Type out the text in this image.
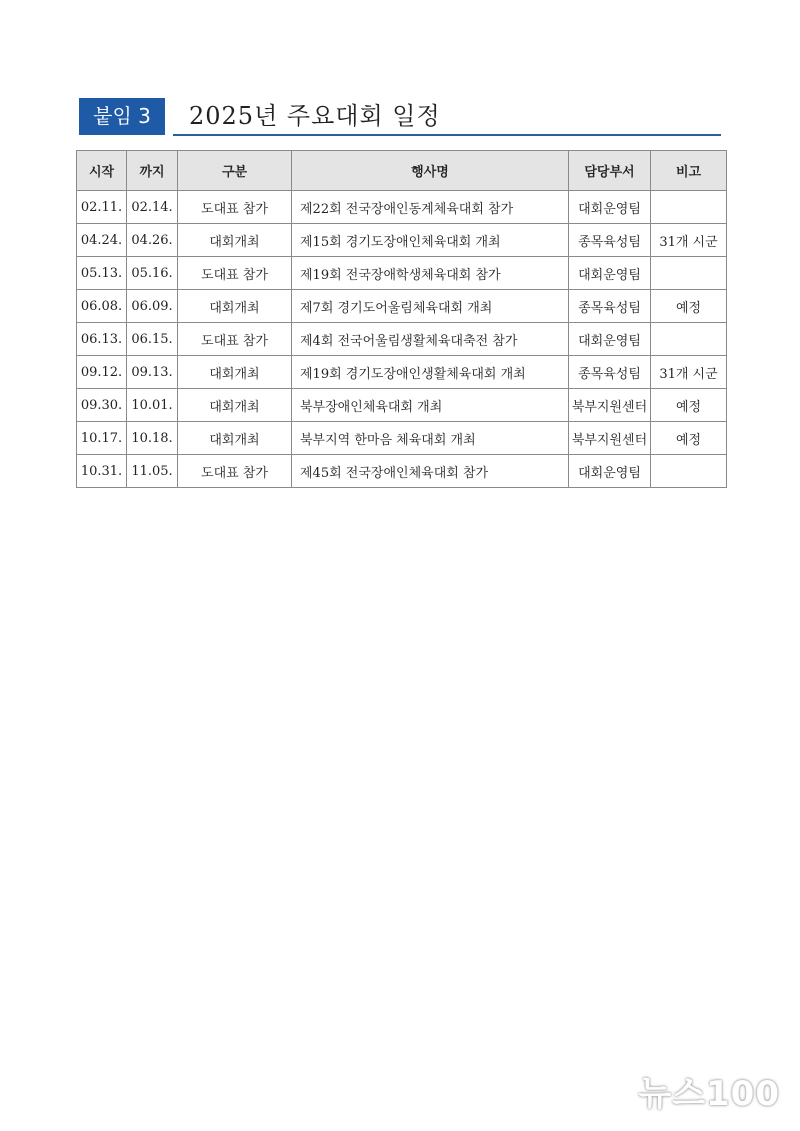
붙임 3	2025년 주요대회 일정
시작	까지	구분	행사명	담당부서	비고
02.11.	02.14.	도대표 참가	제22회 전국장애인동계체육대회 참가	대회운영팀	
04.24.	04.26.	대회개최	제15회 경기도장애인체육대회 개최	종목육성팀	31개 시군
05.13.	05.16.	도대표 참가	제19회 전국장애학생체육대회 참가	대회운영팀	
06.08.	06.09.	대회개최	제7회 경기도어울림체육대회 개최	종목육성팀	예정
06.13.	06.15.	도대표 참가	제4회 전국어울림생활체육대축전 참가	대회운영팀	
09.12.	09.13.	대회개최	제19회 경기도장애인생활체육대회 개최	종목육성팀	31개 시군
09.30.	10.01.	대회개최	북부장애인체육대회 개최	북부지원센터	예정
10.17.	10.18.	대회개최	북부지역 한마음 체육대회 개최	북부지원센터	예정
10.31.	11.05.	도대표 참가	제45회 전국장애인체육대회 참가	대회운영팀	
뉴스100
